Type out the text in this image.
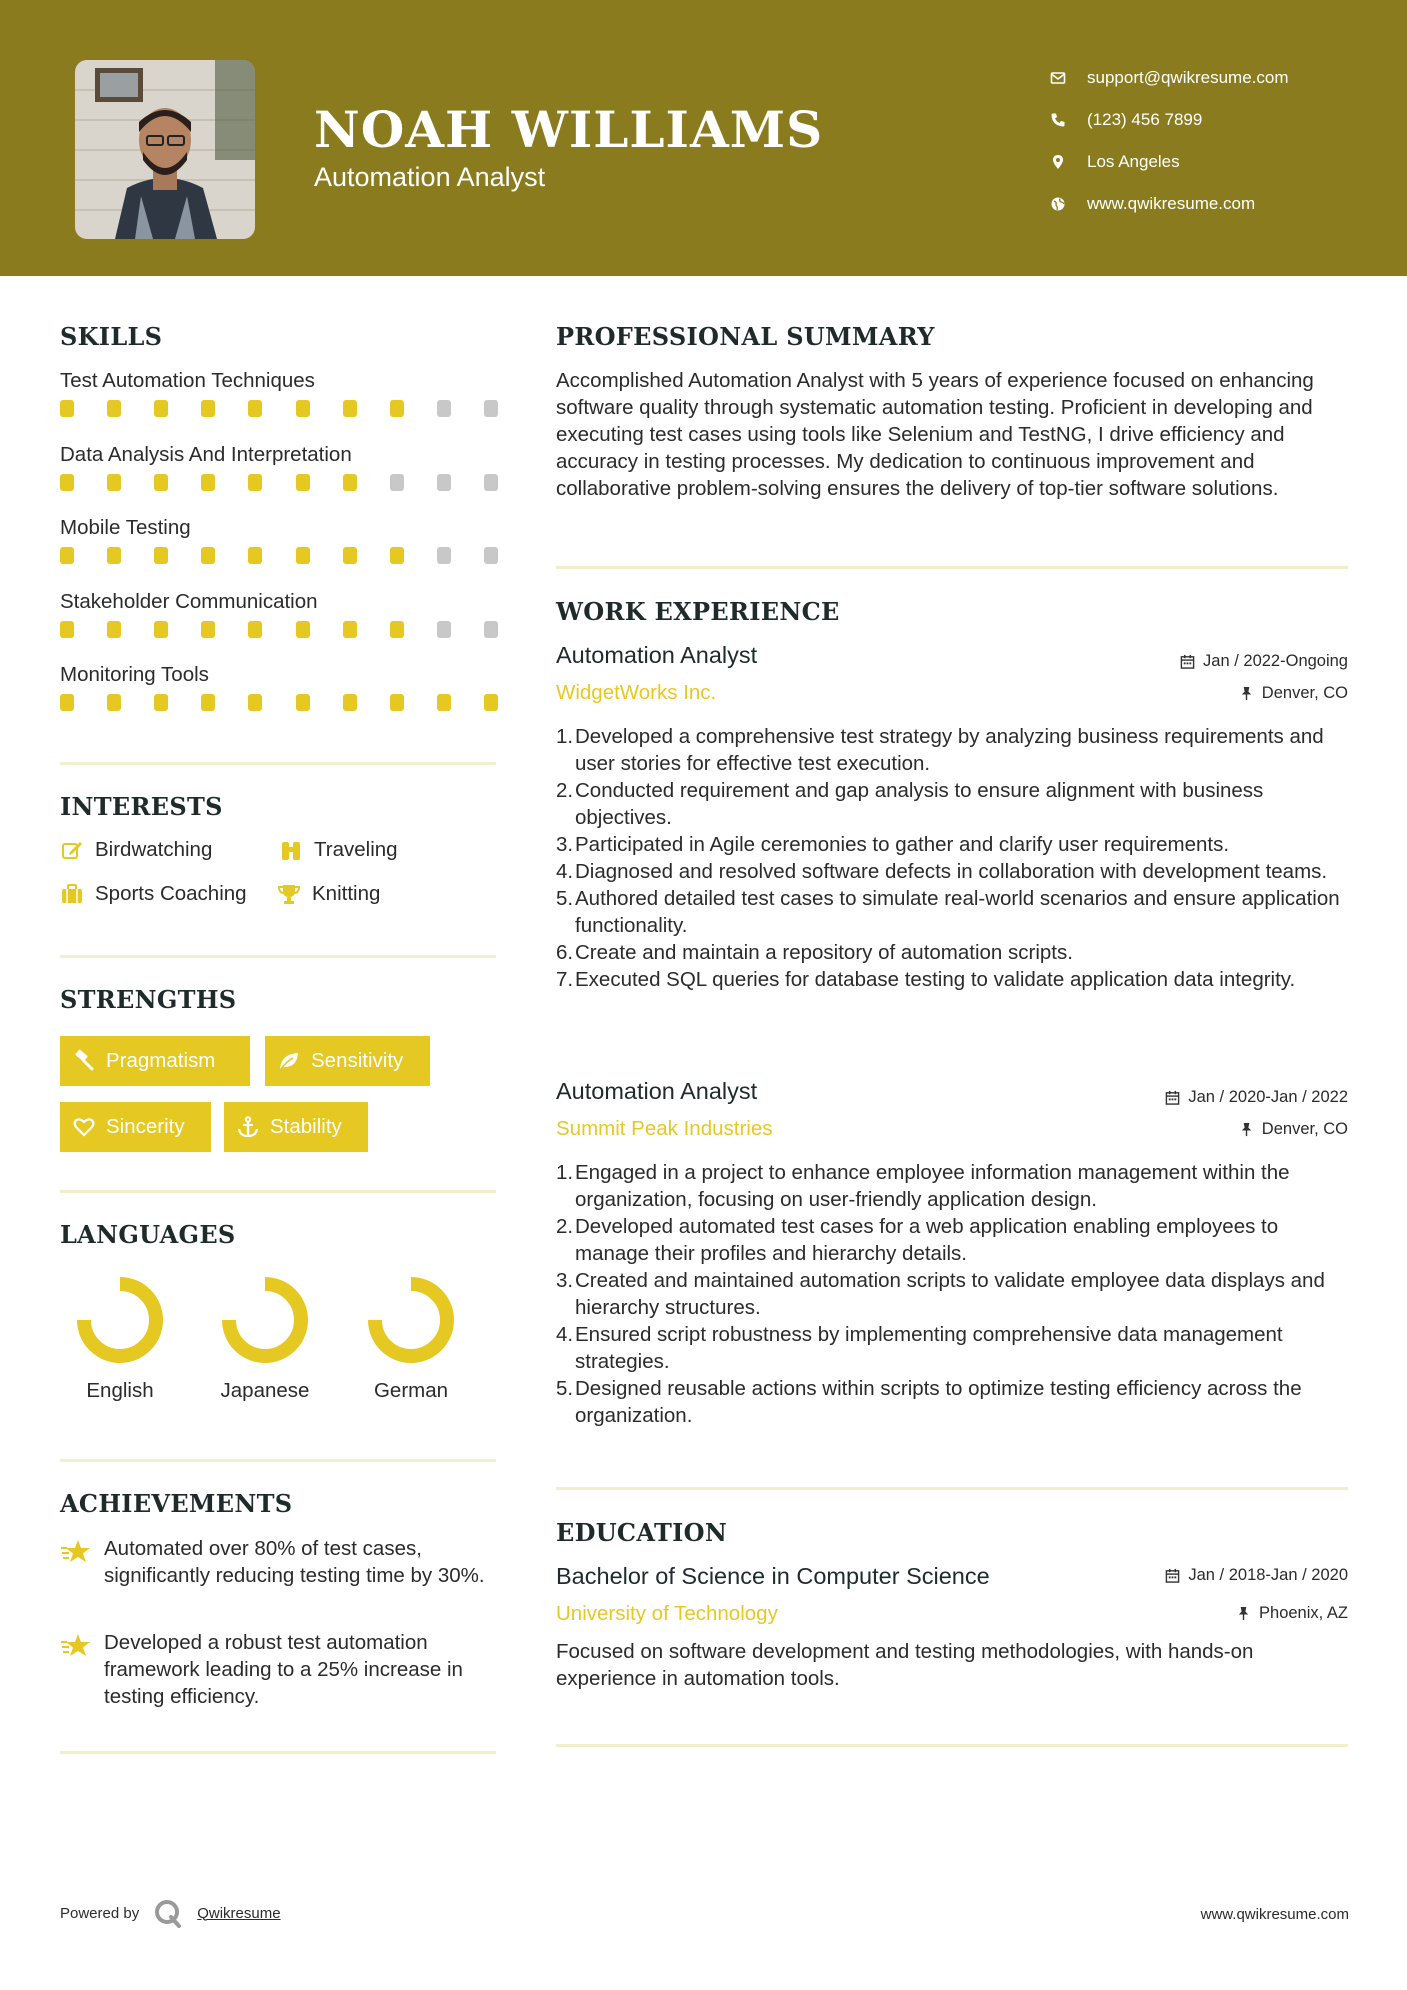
NOAH WILLIAMS
Automation Analyst
support@qwikresume.com
(123) 456 7899
Los Angeles
www.qwikresume.com
SKILLS
Test Automation Techniques
Data Analysis And Interpretation
Mobile Testing
Stakeholder Communication
Monitoring Tools
INTERESTS
Birdwatching	Traveling
Sports Coaching	Knitting
STRENGTHS
Pragmatism	Sensitivity
Sincerity	Stability
LANGUAGES
English	Japanese	German
ACHIEVEMENTS
Automated over 80% of test cases, significantly reducing testing time by 30%.
Developed a robust test automation framework leading to a 25% increase in testing efficiency.
PROFESSIONAL SUMMARY
Accomplished Automation Analyst with 5 years of experience focused on enhancing software quality through systematic automation testing. Proficient in developing and executing test cases using tools like Selenium and TestNG, I drive efficiency and accuracy in testing processes. My dedication to continuous improvement and collaborative problem-solving ensures the delivery of top-tier software solutions.
WORK EXPERIENCE
Automation Analyst
WidgetWorks Inc.
Jan / 2022-Ongoing
Denver, CO
1. Developed a comprehensive test strategy by analyzing business requirements and user stories for effective test execution.
2. Conducted requirement and gap analysis to ensure alignment with business objectives.
3. Participated in Agile ceremonies to gather and clarify user requirements.
4. Diagnosed and resolved software defects in collaboration with development teams.
5. Authored detailed test cases to simulate real-world scenarios and ensure application functionality.
6. Create and maintain a repository of automation scripts.
7. Executed SQL queries for database testing to validate application data integrity.
Automation Analyst
Summit Peak Industries
Jan / 2020-Jan / 2022
Denver, CO
1. Engaged in a project to enhance employee information management within the organization, focusing on user-friendly application design.
2. Developed automated test cases for a web application enabling employees to manage their profiles and hierarchy details.
3. Created and maintained automation scripts to validate employee data displays and hierarchy structures.
4. Ensured script robustness by implementing comprehensive data management strategies.
5. Designed reusable actions within scripts to optimize testing efficiency across the organization.
EDUCATION
Bachelor of Science in Computer Science
University of Technology
Jan / 2018-Jan / 2020
Phoenix, AZ
Focused on software development and testing methodologies, with hands-on experience in automation tools.
Powered by	Qwikresume	www.qwikresume.com
